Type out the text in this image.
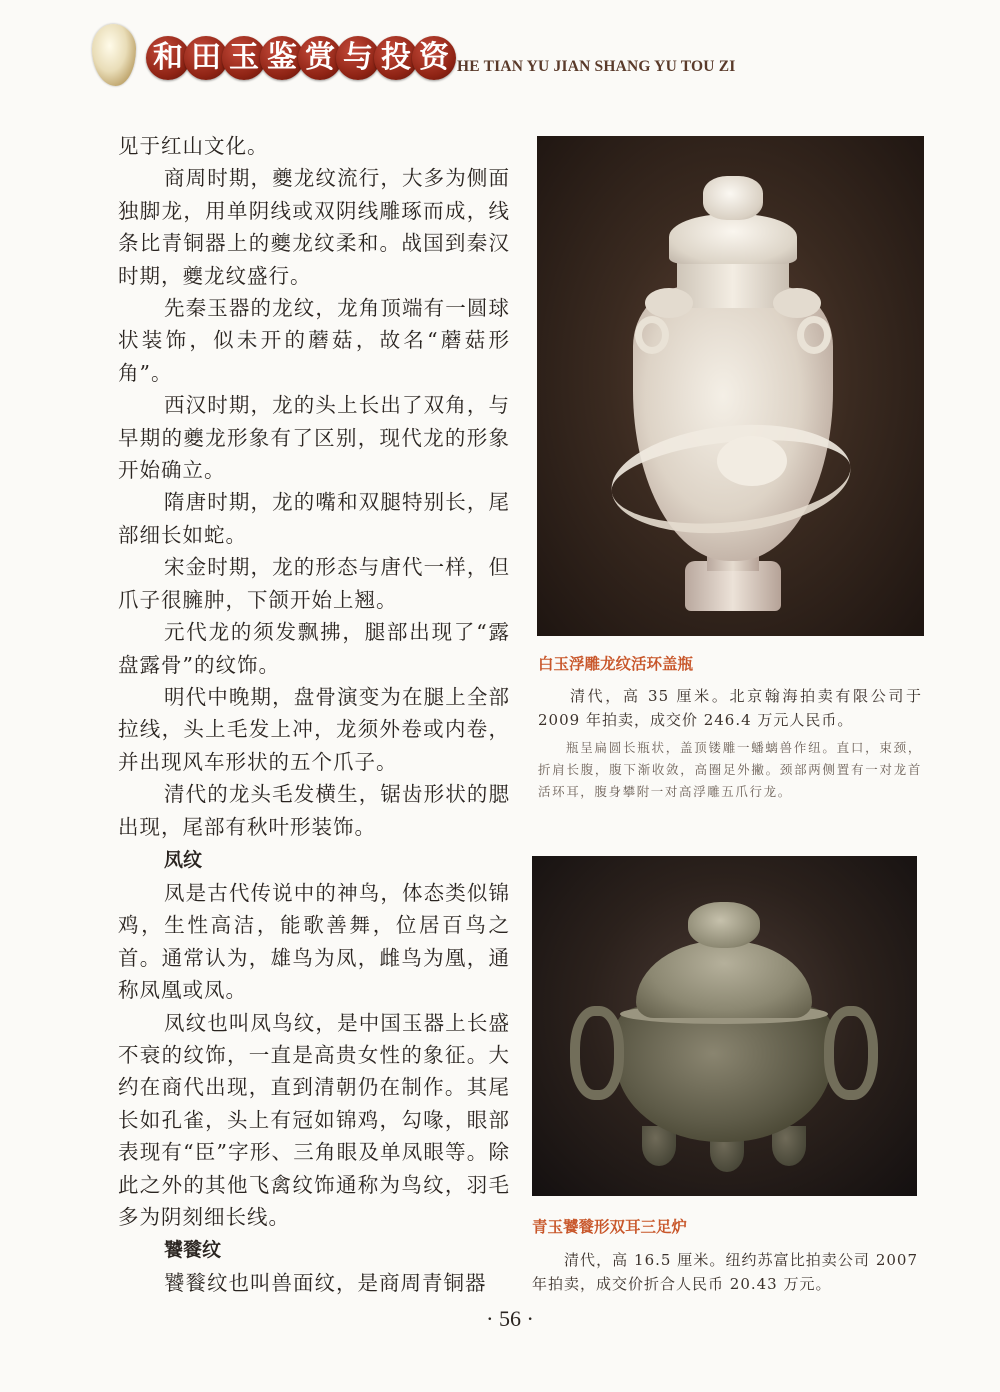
和 田 玉 鉴 赏 与 投 资 HE TIAN YU JIAN SHANG YU TOU ZI

见于红山文化。

商周时期，夔龙纹流行，大多为侧面独脚龙，用单阴线或双阴线雕琢而成，线条比青铜器上的夔龙纹柔和。战国到秦汉时期，夔龙纹盛行。

先秦玉器的龙纹，龙角顶端有一圆球状装饰，似未开的蘑菇，故名“蘑菇形角”。

西汉时期，龙的头上长出了双角，与早期的夔龙形象有了区别，现代龙的形象开始确立。

隋唐时期，龙的嘴和双腿特别长，尾部细长如蛇。

宋金时期，龙的形态与唐代一样，但爪子很臃肿，下颌开始上翘。

元代龙的须发飘拂，腿部出现了“露盘露骨”的纹饰。

明代中晚期，盘骨演变为在腿上全部拉线，头上毛发上冲，龙须外卷或内卷，并出现风车形状的五个爪子。

清代的龙头毛发横生，锯齿形状的腮出现，尾部有秋叶形装饰。

凤纹

凤是古代传说中的神鸟，体态类似锦鸡，生性高洁，能歌善舞，位居百鸟之首。通常认为，雄鸟为凤，雌鸟为凰，通称凤凰或凤。

凤纹也叫凤鸟纹，是中国玉器上长盛不衰的纹饰，一直是高贵女性的象征。大约在商代出现，直到清朝仍在制作。其尾长如孔雀，头上有冠如锦鸡，勾喙，眼部表现有“臣”字形、三角眼及单凤眼等。除此之外的其他飞禽纹饰通称为鸟纹，羽毛多为阴刻细长线。

饕餮纹

饕餮纹也叫兽面纹，是商周青铜器

白玉浮雕龙纹活环盖瓶
清代，高 35 厘米。北京翰海拍卖有限公司于 2009 年拍卖，成交价 246.4 万元人民币。
瓶呈扁圆长瓶状，盖顶镂雕一蟠螭兽作纽。直口，束颈，折肩长腹，腹下渐收敛，高圈足外撇。颈部两侧置有一对龙首活环耳，腹身攀附一对高浮雕五爪行龙。
青玉饕餮形双耳三足炉
清代，高 16.5 厘米。纽约苏富比拍卖公司 2007 年拍卖，成交价折合人民币 20.43 万元。
· 56 ·
